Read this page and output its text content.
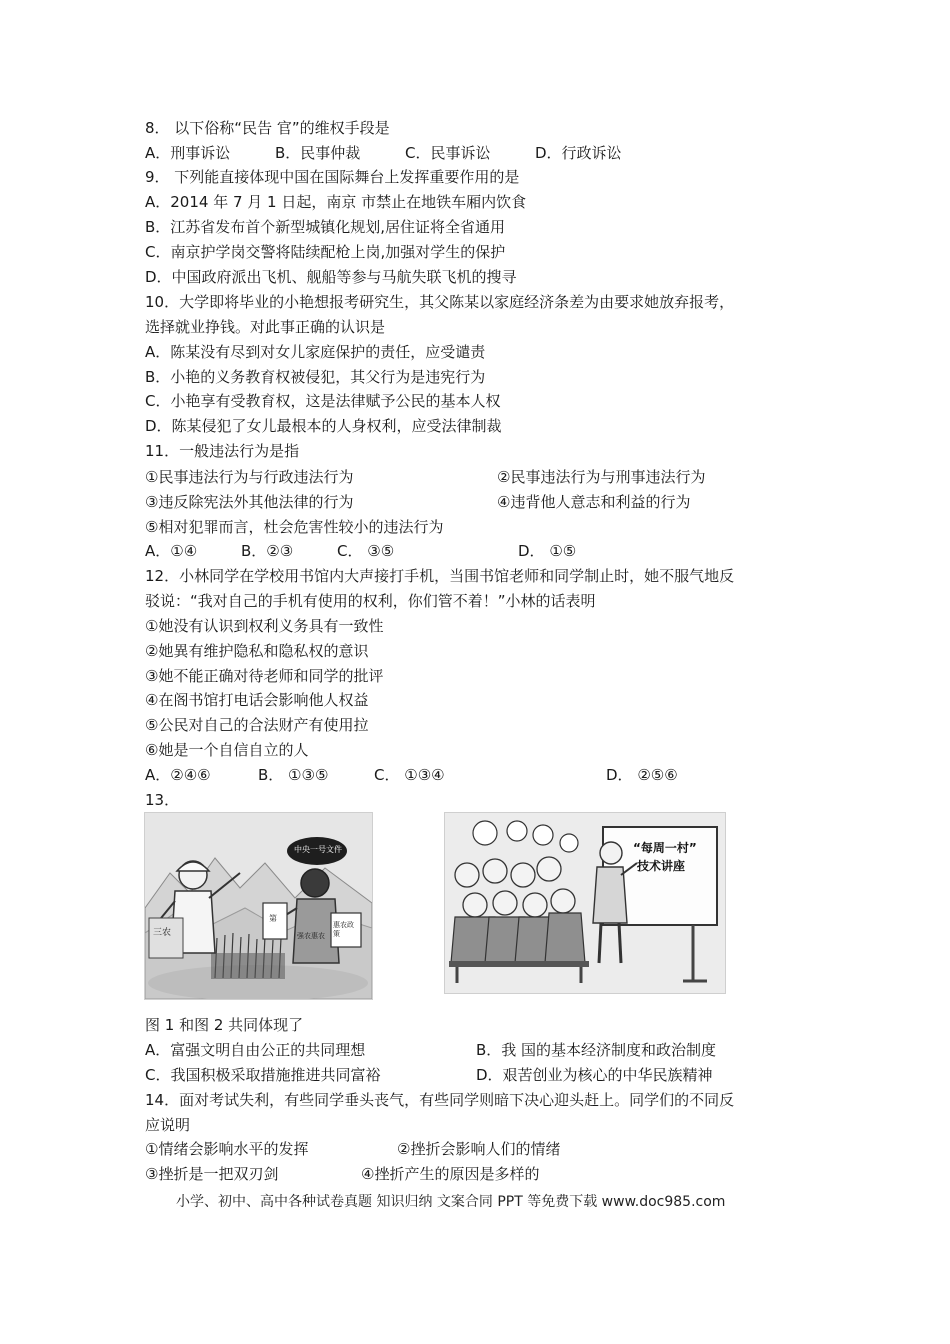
8． 以下俗称“民告 官”的维权手段是
A．刑事诉讼	B．民事仲裁	C．民事诉讼	D．行政诉讼
9． 下列能直接体现中国在国际舞台上发挥重要作用的是
A．2014 年 7 月 1 日起，南京 市禁止在地铁车厢内饮食
B．江苏省发布首个新型城镇化规划,居住证将全省通用
C．南京护学岗交警将陆续配枪上岗,加强对学生的保护
D．中国政府派出飞机、舰船等参与马航失联飞机的搜寻
10．大学即将毕业的小艳想报考研究生，其父陈某以家庭经济条差为由要求她放弃报考，
选择就业挣钱。对此事正确的认识是
A．陈某没有尽到对女儿家庭保护的责任，应受谴责
B．小艳的义务教育权被侵犯，其父行为是违宪行为
C．小艳享有受教育权，这是法律赋予公民的基本人权
D．陈某侵犯了女儿最根本的人身权利，应受法律制裁
11．一般违法行为是指
①民事违法行为与行政违法行为	②民事违法行为与刑事违法行为
③违反除宪法外其他法律的行为	④违背他人意志和利益的行为
⑤相对犯罪而言，杜会危害性较小的违法行为
A．①④	B．②③	C． ③⑤	D． ①⑤
12．小林同学在学校用书馆内大声接打手机，当围书馆老师和同学制止时，她不服气地反
驳说：“我对自己的手机有使用的权利，你们管不着！”小林的话表明
①她没有认识到权利义务具有一致性
②她異有维护隐私和隐私权的意识
③她不能正确对待老师和同学的批评
④在阁书馆打电话会影响他人权益
⑤公民对自己的合法财产有使用拉
⑥她是一个自信自立的人
A．②④⑥	B． ①③⑤	C． ①③④	D． ②⑤⑥
13．
中央一号文件
三农	强农惠农
惠农政策
第
“每周一村”
技术讲座
图 1 和图 2 共同体现了
A．富强文明自由公正的共同理想	B．我 国的基本经济制度和政治制度
C．我国积极采取措施推进共同富裕	D．艰苦创业为核心的中华民族精神
14．面对考试失利，有些同学垂头丧气，有些同学则暗下决心迎头赶上。同学们的不同反
应说明
①情绪会影响水平的发挥	②挫折会影响人们的情绪
③挫折是一把双刃剑	④挫折产生的原因是多样的
小学、初中、高中各种试卷真题 知识归纳 文案合同 PPT 等免费下载 www.doc985.com
